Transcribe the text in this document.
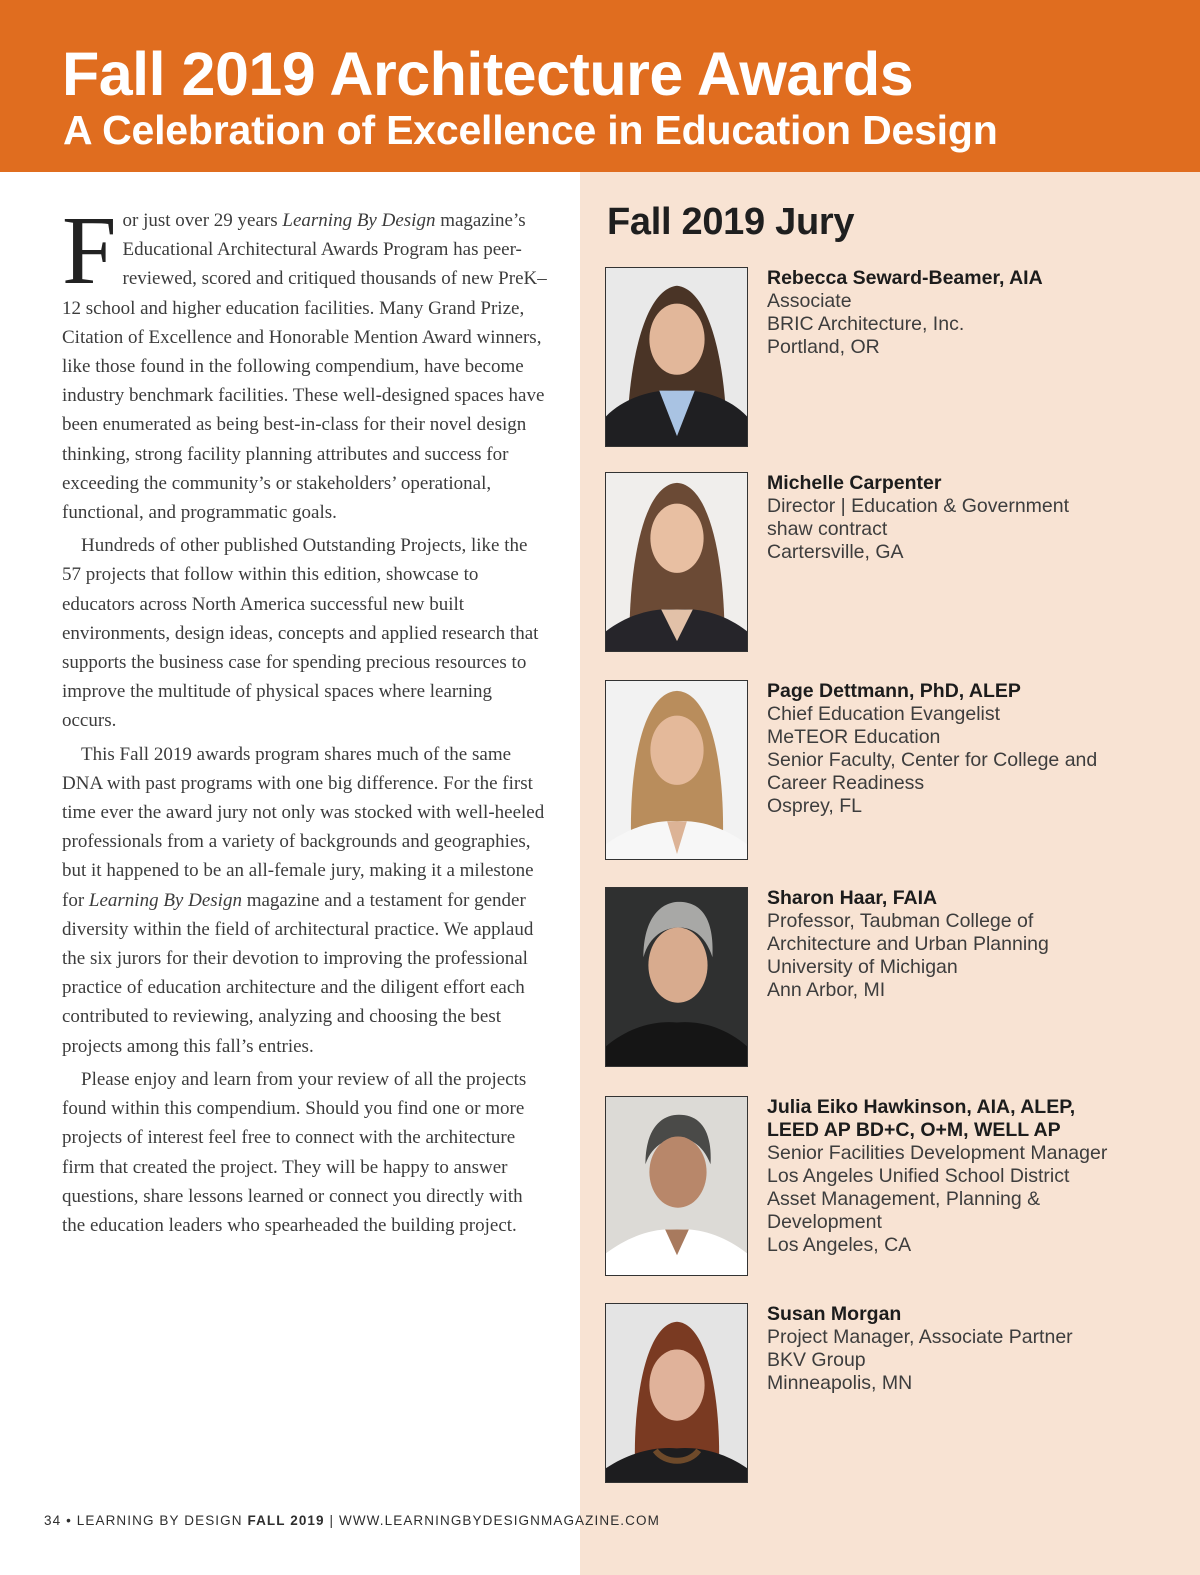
Fall 2019 Architecture Awards
A Celebration of Excellence in Education Design

For just over 29 years Learning By Design magazine’s Educational Architectural Awards Program has peer-reviewed, scored and critiqued thousands of new PreK–12 school and higher education facilities. Many Grand Prize, Citation of Excellence and Honorable Mention Award winners, like those found in the following compendium, have become industry benchmark facilities. These well-designed spaces have been enumerated as being best-in-class for their novel design thinking, strong facility planning attributes and success for exceeding the community’s or stakeholders’ operational, functional, and programmatic goals.

Hundreds of other published Outstanding Projects, like the 57 projects that follow within this edition, showcase to educators across North America successful new built environments, design ideas, concepts and applied research that supports the business case for spending precious resources to improve the multitude of physical spaces where learning occurs.

This Fall 2019 awards program shares much of the same DNA with past programs with one big difference. For the first time ever the award jury not only was stocked with well-heeled professionals from a variety of backgrounds and geographies, but it happened to be an all-female jury, making it a milestone for Learning By Design magazine and a testament for gender diversity within the field of architectural practice. We applaud the six jurors for their devotion to improving the professional practice of education architecture and the diligent effort each contributed to reviewing, analyzing and choosing the best projects among this fall’s entries.

Please enjoy and learn from your review of all the projects found within this compendium. Should you find one or more projects of interest feel free to connect with the architecture firm that created the project. They will be happy to answer questions, share lessons learned or connect you directly with the education leaders who spearheaded the building project.

Fall 2019 Jury
Rebecca Seward-Beamer, AIA
Associate
BRIC Architecture, Inc.
Portland, OR
Michelle Carpenter
Director | Education & Government
shaw contract
Cartersville, GA
Page Dettmann, PhD, ALEP
Chief Education Evangelist
MeTEOR Education
Senior Faculty, Center for College and
Career Readiness
Osprey, FL
Sharon Haar, FAIA
Professor, Taubman College of
Architecture and Urban Planning
University of Michigan
Ann Arbor, MI
Julia Eiko Hawkinson, AIA, ALEP,
LEED AP BD+C, O+M, WELL AP
Senior Facilities Development Manager
Los Angeles Unified School District
Asset Management, Planning &
Development
Los Angeles, CA
Susan Morgan
Project Manager, Associate Partner
BKV Group
Minneapolis, MN
34 • LEARNING BY DESIGN FALL 2019 | WWW.LEARNINGBYDESIGNMAGAZINE.COM
